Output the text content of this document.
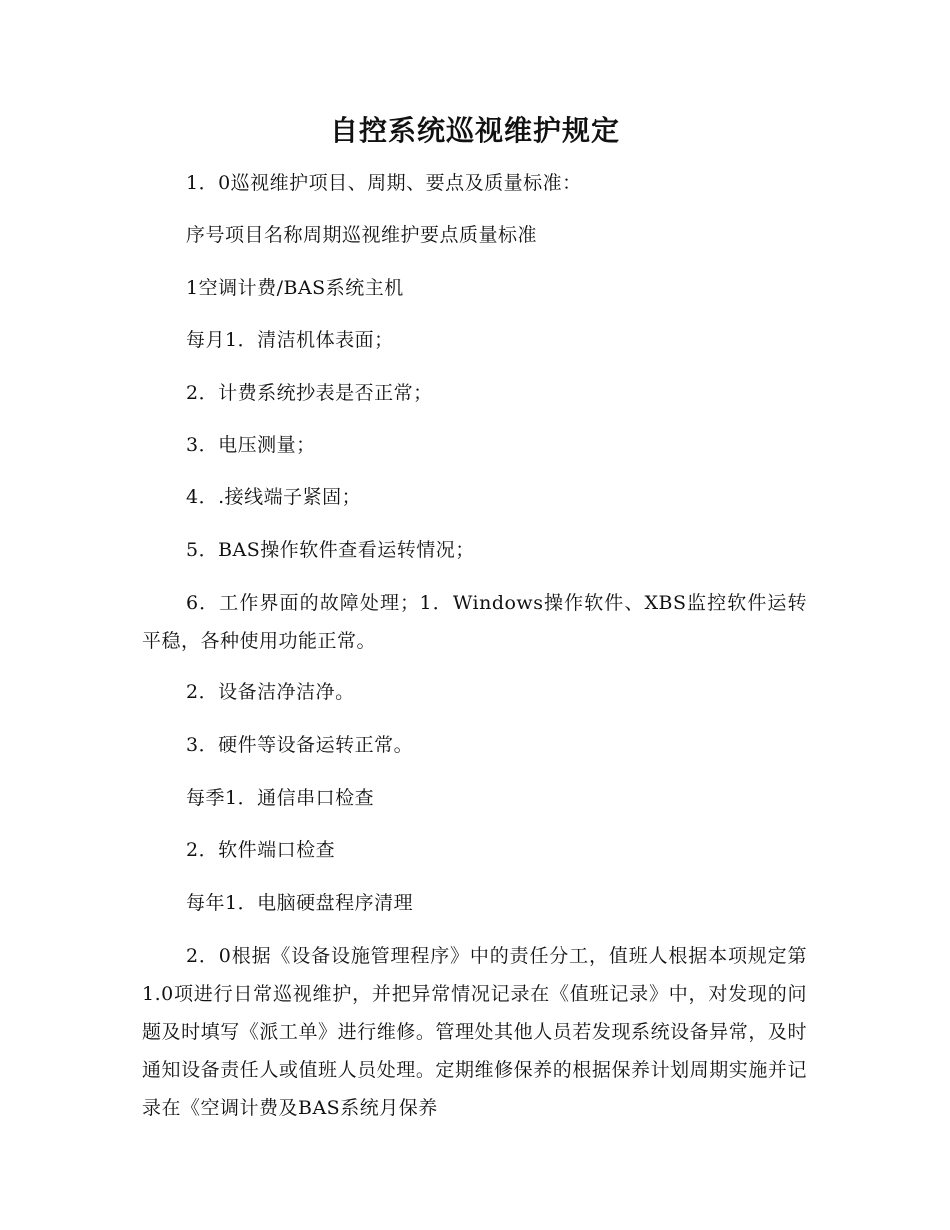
自控系统巡视维护规定

1．0巡视维护项目、周期、要点及质量标准：

序号项目名称周期巡视维护要点质量标准

1空调计费/BAS系统主机

每月1．清洁机体表面；

2．计费系统抄表是否正常；

3．电压测量；

4．.接线端子紧固；

5．BAS操作软件查看运转情况；

6．工作界面的故障处理；1．Windows操作软件、XBS监控软件运转平稳，各种使用功能正常。

2．设备洁净洁净。

3．硬件等设备运转正常。

每季1．通信串口检查

2．软件端口检查

每年1．电脑硬盘程序清理

2．0根据《设备设施管理程序》中的责任分工，值班人根据本项规定第1.0项进行日常巡视维护，并把异常情况记录在《值班记录》中，对发现的问题及时填写《派工单》进行维修。管理处其他人员若发现系统设备异常，及时通知设备责任人或值班人员处理。定期维修保养的根据保养计划周期实施并记录在《空调计费及BAS系统月保养
